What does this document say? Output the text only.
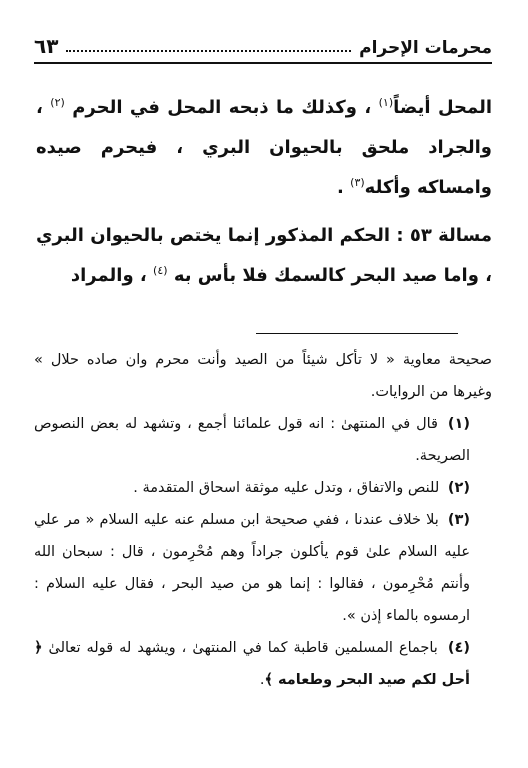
محرمات الإحرام
٦٣

المحل أيضاً$^{(١)}$ ، وكذلك ما ذبحه المحل في الحرم $^{(٢)}$ ، والجراد ملحق بالحيوان البري ، فيحرم صيده وامساكه وأكله$^{(٣)}$ .

مسالة ٥٣ : الحكم المذكور إنما يختص بالحيوان البري ، واما صيد البحر كالسمك فلا بأس به $^{(٤)}$ ، والمراد

صحيحة معاوية « لا تأكل شيئاً من الصيد وأنت محرم وان صاده حلال » وغيرها من الروايات.

(١) قال في المنتهىٰ : انه قول علمائنا أجمع ، وتشهد له بعض النصوص الصريحة.

(٢) للنص والاتفاق ، وتدل عليه موثقة اسحاق المتقدمة .

(٣) بلا خلاف عندنا ، ففي صحيحة ابن مسلم عنه عليه السلام « مر علي عليه السلام علىٰ قوم يأكلون جراداً وهم مُحْرِمون ، قال : سبحان الله وأنتم مُحْرِمون ، فقالوا : إنما هو من صيد البحر ، فقال عليه السلام : ارمسوه بالماء إذن ».

(٤) باجماع المسلمين قاطبة كما في المنتهىٰ ، ويشهد له قوله تعالىٰ ﴿ أحل لكم صيد البحر وطعامه ﴾.
